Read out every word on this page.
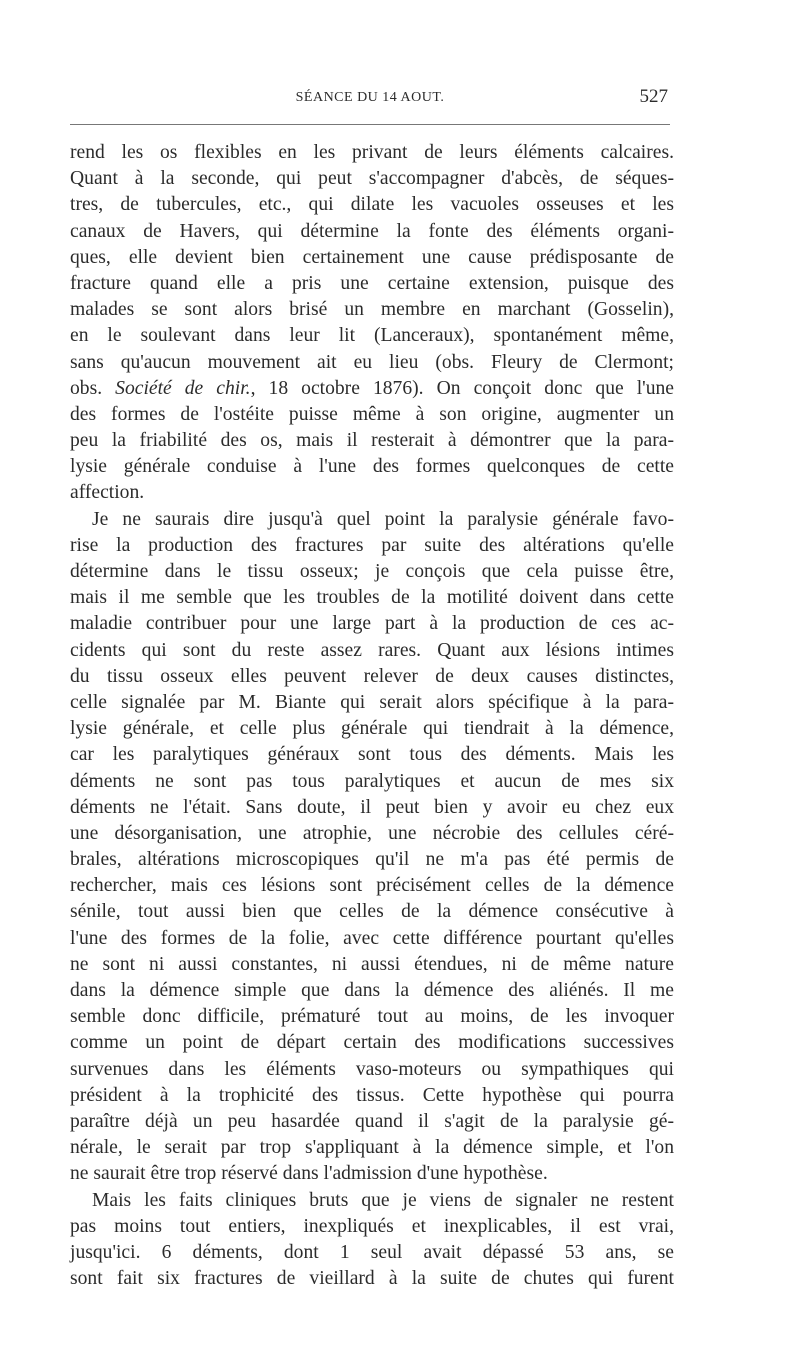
SÉANCE DU 14 AOUT.	527
rend les os flexibles en les privant de leurs éléments calcaires.
Quant à la seconde, qui peut s'accompagner d'abcès, de séques-
tres, de tubercules, etc., qui dilate les vacuoles osseuses et les
canaux de Havers, qui détermine la fonte des éléments organi-
ques, elle devient bien certainement une cause prédisposante de
fracture quand elle a pris une certaine extension, puisque des
malades se sont alors brisé un membre en marchant (Gosselin),
en le soulevant dans leur lit (Lanceraux), spontanément même,
sans qu'aucun mouvement ait eu lieu (obs. Fleury de Clermont;
obs. Société de chir., 18 octobre 1876). On conçoit donc que l'une
des formes de l'ostéite puisse même à son origine, augmenter un
peu la friabilité des os, mais il resterait à démontrer que la para-
lysie générale conduise à l'une des formes quelconques de cette
affection.
Je ne saurais dire jusqu'à quel point la paralysie générale favo-
rise la production des fractures par suite des altérations qu'elle
détermine dans le tissu osseux; je conçois que cela puisse être,
mais il me semble que les troubles de la motilité doivent dans cette
maladie contribuer pour une large part à la production de ces ac-
cidents qui sont du reste assez rares. Quant aux lésions intimes
du tissu osseux elles peuvent relever de deux causes distinctes,
celle signalée par M. Biante qui serait alors spécifique à la para-
lysie générale, et celle plus générale qui tiendrait à la démence,
car les paralytiques généraux sont tous des déments. Mais les
déments ne sont pas tous paralytiques et aucun de mes six
déments ne l'était. Sans doute, il peut bien y avoir eu chez eux
une désorganisation, une atrophie, une nécrobie des cellules céré-
brales, altérations microscopiques qu'il ne m'a pas été permis de
rechercher, mais ces lésions sont précisément celles de la démence
sénile, tout aussi bien que celles de la démence consécutive à
l'une des formes de la folie, avec cette différence pourtant qu'elles
ne sont ni aussi constantes, ni aussi étendues, ni de même nature
dans la démence simple que dans la démence des aliénés. Il me
semble donc difficile, prématuré tout au moins, de les invoquer
comme un point de départ certain des modifications successives
survenues dans les éléments vaso-moteurs ou sympathiques qui
président à la trophicité des tissus. Cette hypothèse qui pourra
paraître déjà un peu hasardée quand il s'agit de la paralysie gé-
nérale, le serait par trop s'appliquant à la démence simple, et l'on
ne saurait être trop réservé dans l'admission d'une hypothèse.
Mais les faits cliniques bruts que je viens de signaler ne restent
pas moins tout entiers, inexpliqués et inexplicables, il est vrai,
jusqu'ici. 6 déments, dont 1 seul avait dépassé 53 ans, se
sont fait six fractures de vieillard à la suite de chutes qui furent
